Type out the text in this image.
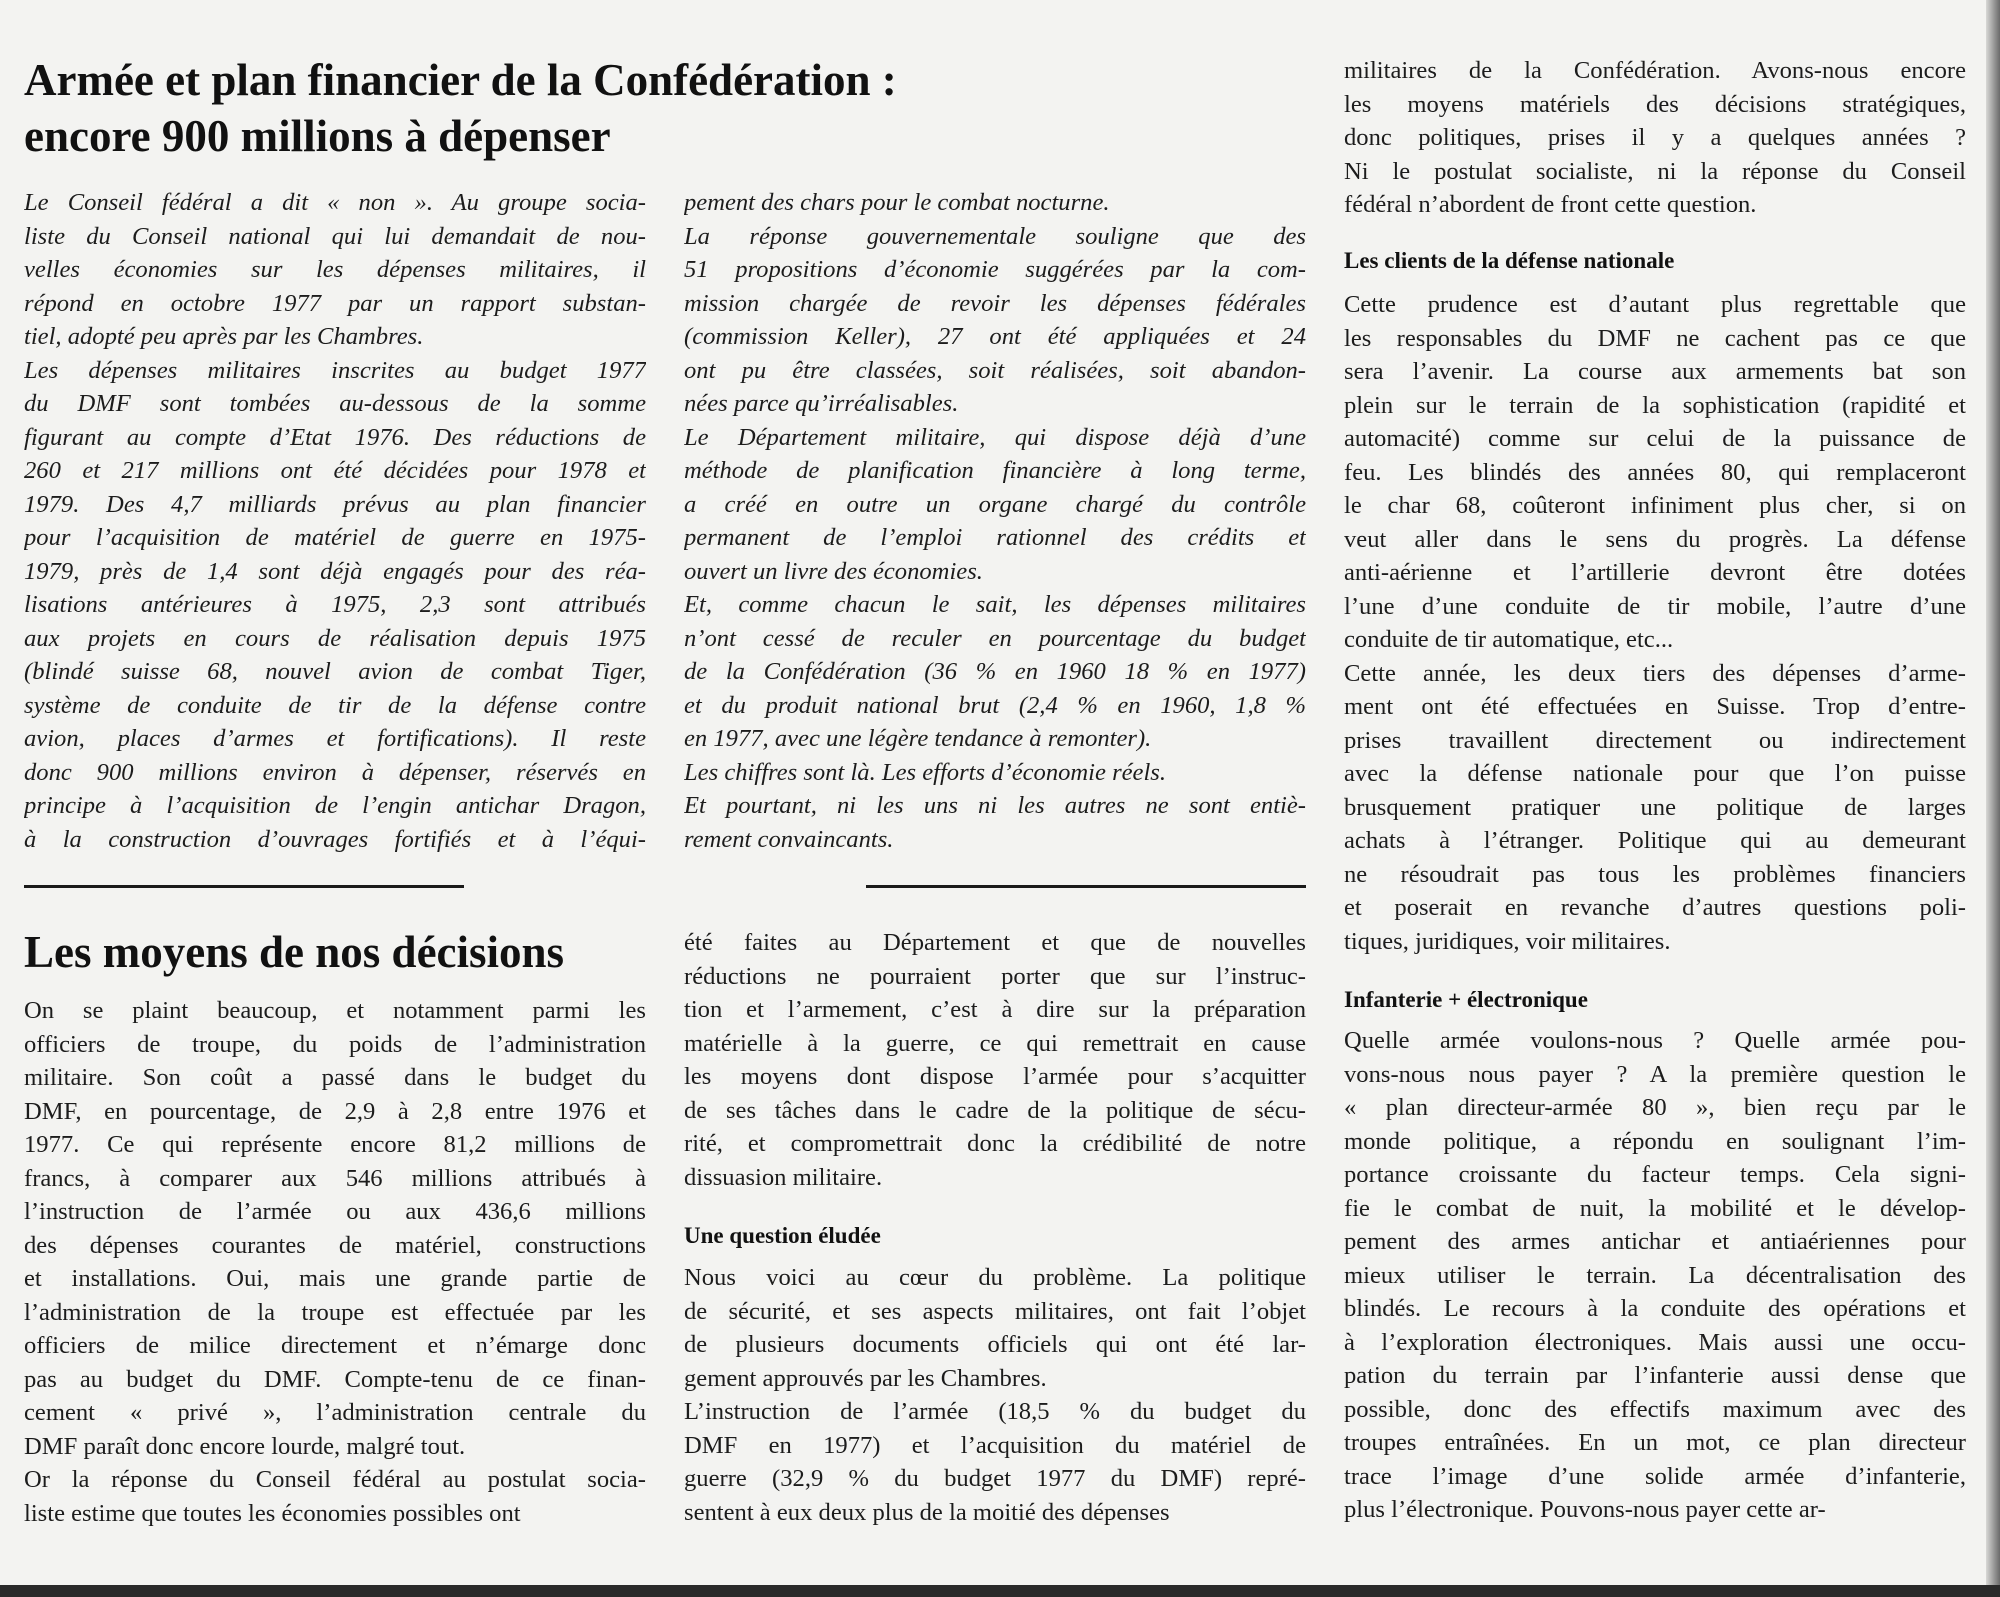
Armée et plan financier de la Confédération :
encore 900 millions à dépenser
Le Conseil fédéral a dit « non ». Au groupe socia-
liste du Conseil national qui lui demandait de nou-
velles économies sur les dépenses militaires, il
répond en octobre 1977 par un rapport substan-
tiel, adopté peu après par les Chambres.
Les dépenses militaires inscrites au budget 1977
du DMF sont tombées au-dessous de la somme
figurant au compte d’Etat 1976. Des réductions de
260 et 217 millions ont été décidées pour 1978 et
1979. Des 4,7 milliards prévus au plan financier
pour l’acquisition de matériel de guerre en 1975-
1979, près de 1,4 sont déjà engagés pour des réa-
lisations antérieures à 1975, 2,3 sont attribués
aux projets en cours de réalisation depuis 1975
(blindé suisse 68, nouvel avion de combat Tiger,
système de conduite de tir de la défense contre
avion, places d’armes et fortifications). Il reste
donc 900 millions environ à dépenser, réservés en
principe à l’acquisition de l’engin antichar Dragon,
à la construction d’ouvrages fortifiés et à l’équi-
pement des chars pour le combat nocturne.
La réponse gouvernementale souligne que des
51 propositions d’économie suggérées par la com-
mission chargée de revoir les dépenses fédérales
(commission Keller), 27 ont été appliquées et 24
ont pu être classées, soit réalisées, soit abandon-
nées parce qu’irréalisables.
Le Département militaire, qui dispose déjà d’une
méthode de planification financière à long terme,
a créé en outre un organe chargé du contrôle
permanent de l’emploi rationnel des crédits et
ouvert un livre des économies.
Et, comme chacun le sait, les dépenses militaires
n’ont cessé de reculer en pourcentage du budget
de la Confédération (36 % en 1960 18 % en 1977)
et du produit national brut (2,4 % en 1960, 1,8 %
en 1977, avec une légère tendance à remonter).
Les chiffres sont là. Les efforts d’économie réels.
Et pourtant, ni les uns ni les autres ne sont entiè-
rement convaincants.
Les moyens de nos décisions
On se plaint beaucoup, et notamment parmi les
officiers de troupe, du poids de l’administration
militaire. Son coût a passé dans le budget du
DMF, en pourcentage, de 2,9 à 2,8 entre 1976 et
1977. Ce qui représente encore 81,2 millions de
francs, à comparer aux 546 millions attribués à
l’instruction de l’armée ou aux 436,6 millions
des dépenses courantes de matériel, constructions
et installations. Oui, mais une grande partie de
l’administration de la troupe est effectuée par les
officiers de milice directement et n’émarge donc
pas au budget du DMF. Compte-tenu de ce finan-
cement « privé », l’administration centrale du
DMF paraît donc encore lourde, malgré tout.
Or la réponse du Conseil fédéral au postulat socia-
liste estime que toutes les économies possibles ont
été faites au Département et que de nouvelles
réductions ne pourraient porter que sur l’instruc-
tion et l’armement, c’est à dire sur la préparation
matérielle à la guerre, ce qui remettrait en cause
les moyens dont dispose l’armée pour s’acquitter
de ses tâches dans le cadre de la politique de sécu-
rité, et compromettrait donc la crédibilité de notre
dissuasion militaire.
Une question éludée
Nous voici au cœur du problème. La politique
de sécurité, et ses aspects militaires, ont fait l’objet
de plusieurs documents officiels qui ont été lar-
gement approuvés par les Chambres.
L’instruction de l’armée (18,5 % du budget du
DMF en 1977) et l’acquisition du matériel de
guerre (32,9 % du budget 1977 du DMF) repré-
sentent à eux deux plus de la moitié des dépenses
militaires de la Confédération. Avons-nous encore
les moyens matériels des décisions stratégiques,
donc politiques, prises il y a quelques années ?
Ni le postulat socialiste, ni la réponse du Conseil
fédéral n’abordent de front cette question.
Les clients de la défense nationale
Cette prudence est d’autant plus regrettable que
les responsables du DMF ne cachent pas ce que
sera l’avenir. La course aux armements bat son
plein sur le terrain de la sophistication (rapidité et
automacité) comme sur celui de la puissance de
feu. Les blindés des années 80, qui remplaceront
le char 68, coûteront infiniment plus cher, si on
veut aller dans le sens du progrès. La défense
anti-aérienne et l’artillerie devront être dotées
l’une d’une conduite de tir mobile, l’autre d’une
conduite de tir automatique, etc...
Cette année, les deux tiers des dépenses d’arme-
ment ont été effectuées en Suisse. Trop d’entre-
prises travaillent directement ou indirectement
avec la défense nationale pour que l’on puisse
brusquement pratiquer une politique de larges
achats à l’étranger. Politique qui au demeurant
ne résoudrait pas tous les problèmes financiers
et poserait en revanche d’autres questions poli-
tiques, juridiques, voir militaires.
Infanterie + électronique
Quelle armée voulons-nous ? Quelle armée pou-
vons-nous nous payer ? A la première question le
« plan directeur-armée 80 », bien reçu par le
monde politique, a répondu en soulignant l’im-
portance croissante du facteur temps. Cela signi-
fie le combat de nuit, la mobilité et le dévelop-
pement des armes antichar et antiaériennes pour
mieux utiliser le terrain. La décentralisation des
blindés. Le recours à la conduite des opérations et
à l’exploration électroniques. Mais aussi une occu-
pation du terrain par l’infanterie aussi dense que
possible, donc des effectifs maximum avec des
troupes entraînées. En un mot, ce plan directeur
trace l’image d’une solide armée d’infanterie,
plus l’électronique. Pouvons-nous payer cette ar-
